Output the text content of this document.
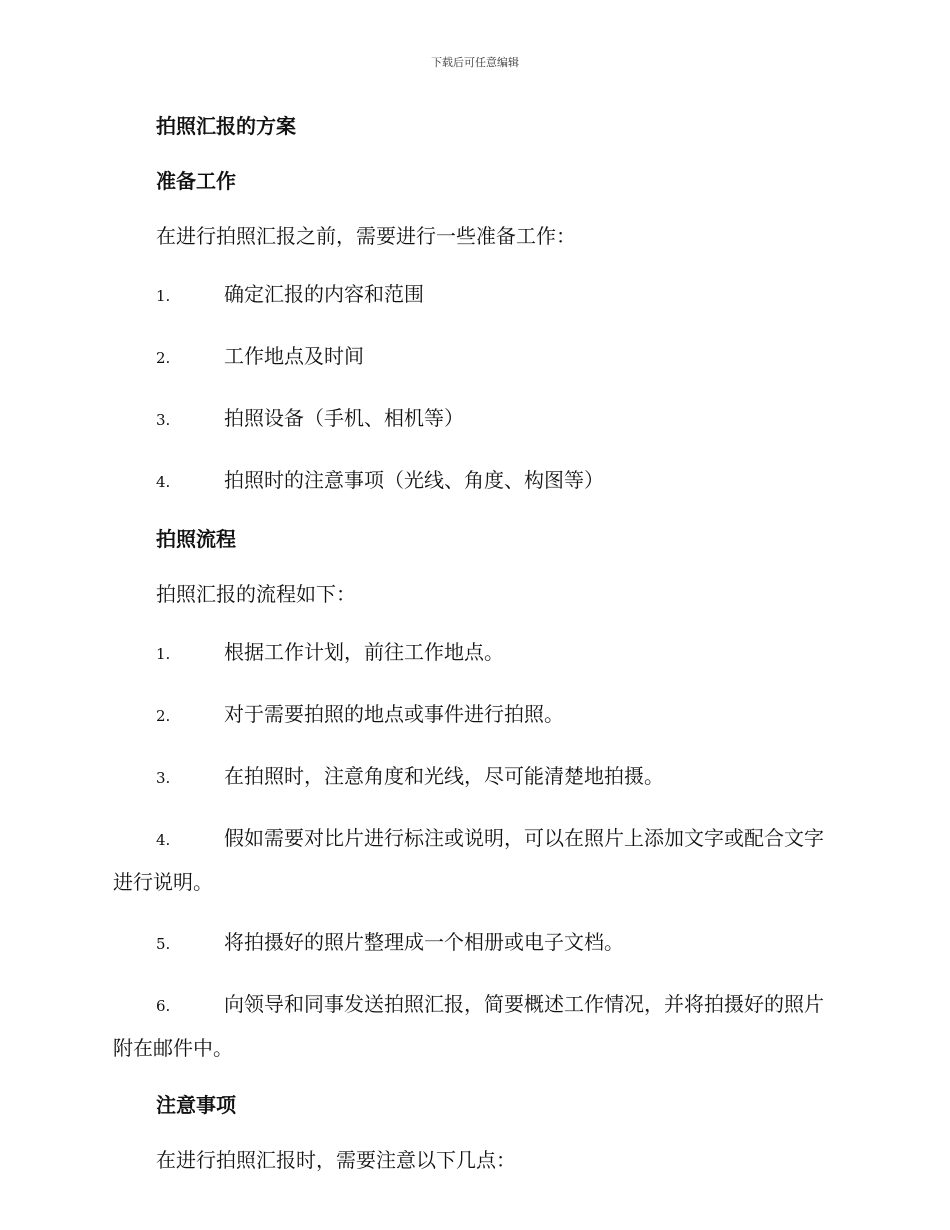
下载后可任意编辑
拍照汇报的方案
准备工作

在进行拍照汇报之前，需要进行一些准备工作：

1.	确定汇报的内容和范围
2.	工作地点及时间
3.	拍照设备（手机、相机等）
4.	拍照时的注意事项（光线、角度、构图等）
拍照流程

拍照汇报的流程如下：

1.	根据工作计划，前往工作地点。
2.	对于需要拍照的地点或事件进行拍照。
3.	在拍照时，注意角度和光线，尽可能清楚地拍摄。
4.	假如需要对比片进行标注或说明，可以在照片上添加文字或配合文字进行说明。
5.	将拍摄好的照片整理成一个相册或电子文档。
6.	向领导和同事发送拍照汇报，简要概述工作情况，并将拍摄好的照片附在邮件中。
注意事项

在进行拍照汇报时，需要注意以下几点：
